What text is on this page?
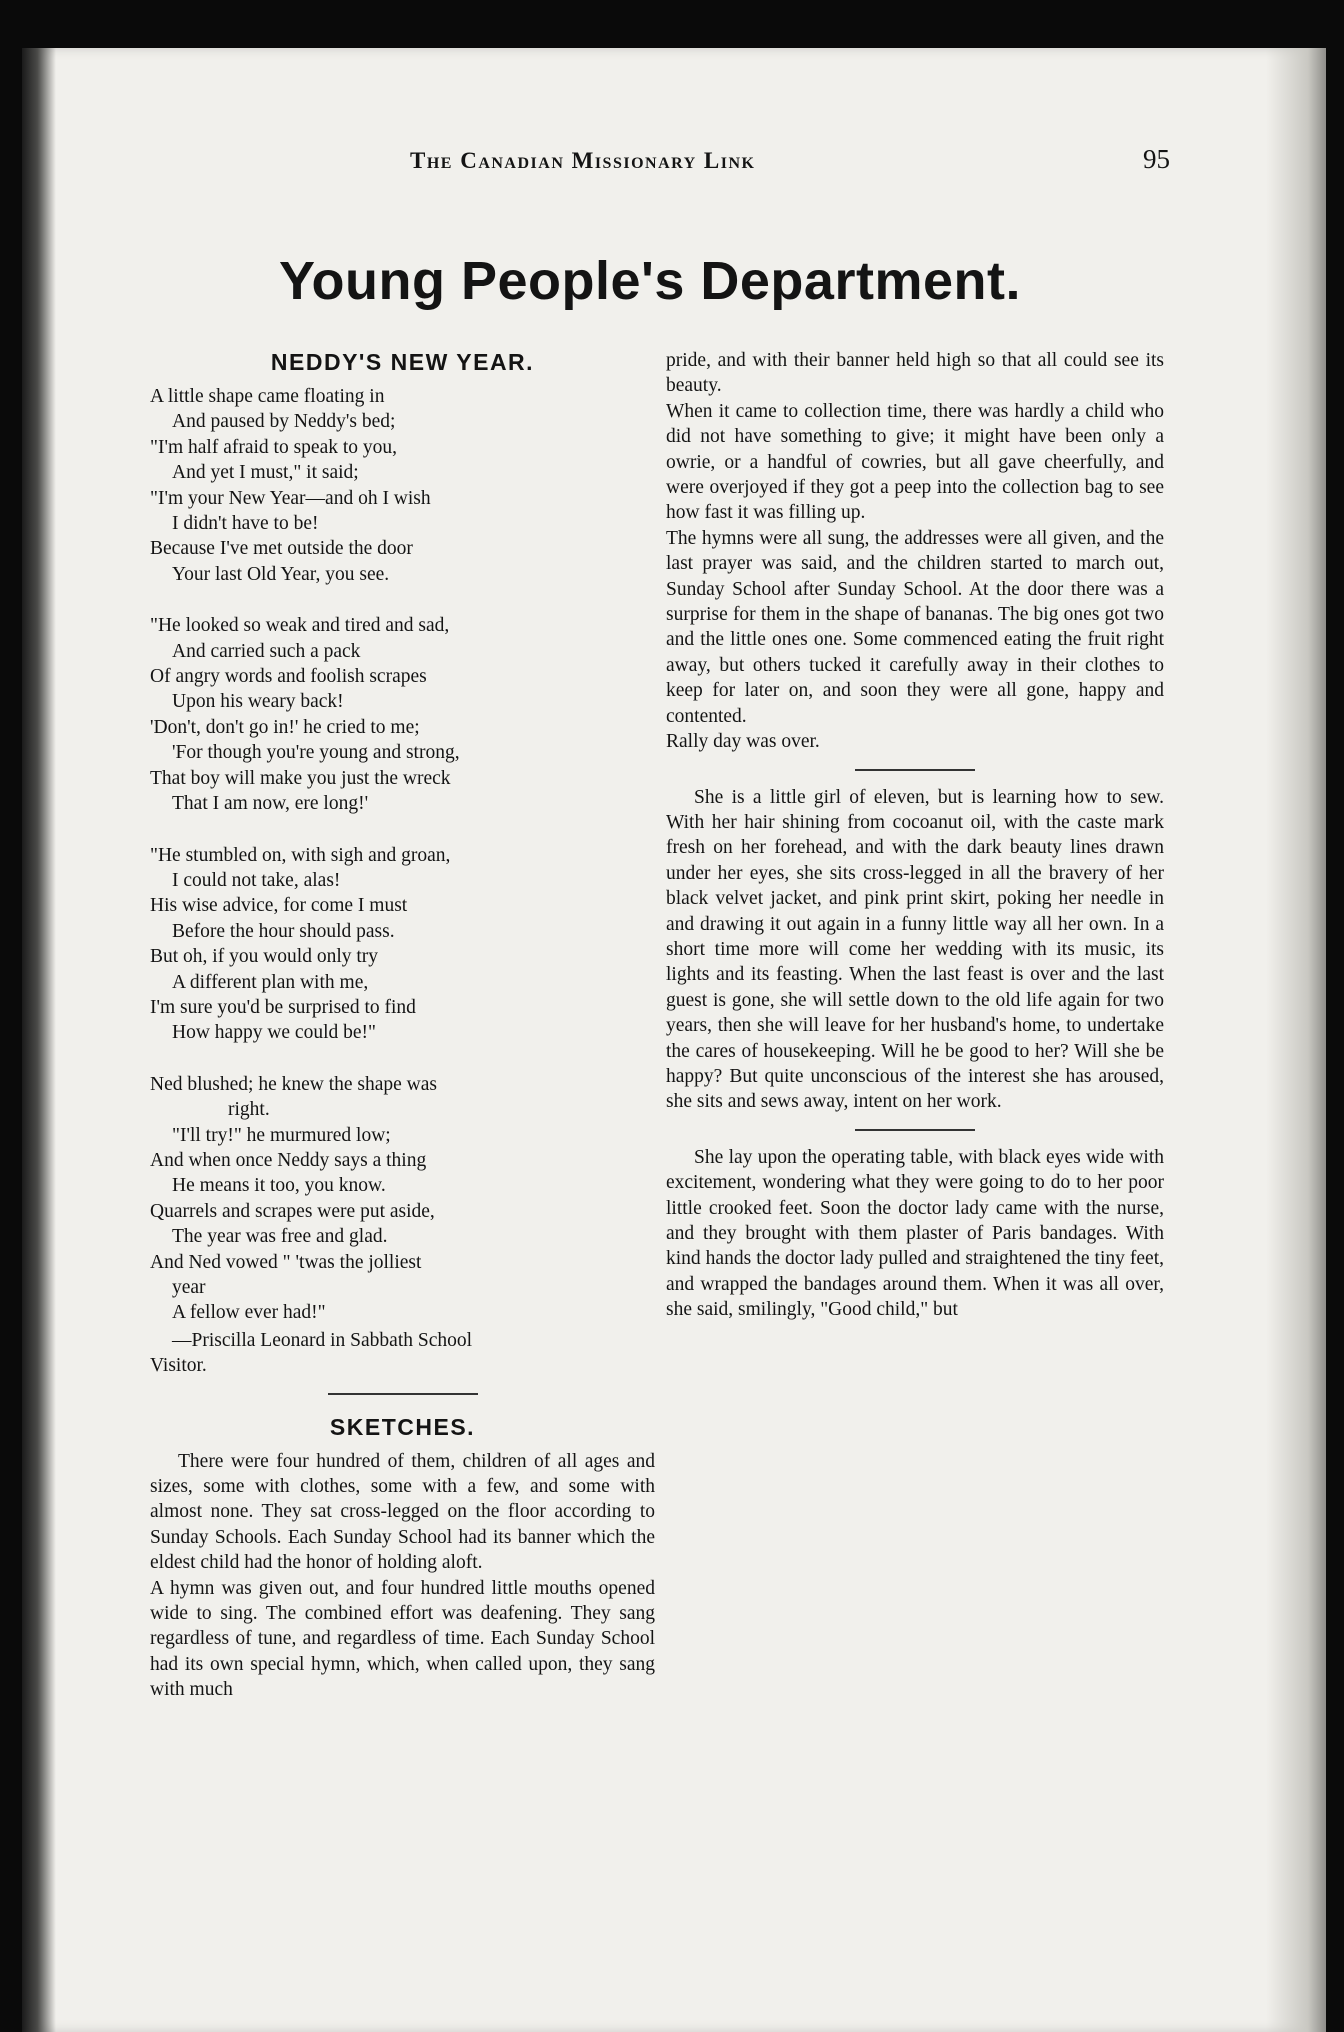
The Canadian Missionary Link	95
Young People's Department.
NEDDY'S NEW YEAR.
A little shape came floating in
And paused by Neddy's bed;
"I'm half afraid to speak to you,
And yet I must," it said;
"I'm your New Year—and oh I wish
I didn't have to be!
Because I've met outside the door
Your last Old Year, you see.
"He looked so weak and tired and sad,
And carried such a pack
Of angry words and foolish scrapes
Upon his weary back!
'Don't, don't go in!' he cried to me;
'For though you're young and strong,
That boy will make you just the wreck
That I am now, ere long!'
"He stumbled on, with sigh and groan,
I could not take, alas!
His wise advice, for come I must
Before the hour should pass.
But oh, if you would only try
A different plan with me,
I'm sure you'd be surprised to find
How happy we could be!"
Ned blushed; he knew the shape was
right.
"I'll try!" he murmured low;
And when once Neddy says a thing
He means it too, you know.
Quarrels and scrapes were put aside,
The year was free and glad.
And Ned vowed " 'twas the jolliest
year
A fellow ever had!"
—Priscilla Leonard in Sabbath School
Visitor.
SKETCHES.

There were four hundred of them, children of all ages and sizes, some with clothes, some with a few, and some with almost none. They sat cross-legged on the floor according to Sunday Schools. Each Sunday School had its banner which the eldest child had the honor of holding aloft.

A hymn was given out, and four hundred little mouths opened wide to sing. The combined effort was deafening. They sang regardless of tune, and regardless of time. Each Sunday School had its own special hymn, which, when called upon, they sang with much

pride, and with their banner held high so that all could see its beauty.

When it came to collection time, there was hardly a child who did not have something to give; it might have been only a owrie, or a handful of cowries, but all gave cheerfully, and were overjoyed if they got a peep into the collection bag to see how fast it was filling up.

The hymns were all sung, the addresses were all given, and the last prayer was said, and the children started to march out, Sunday School after Sunday School. At the door there was a surprise for them in the shape of bananas. The big ones got two and the little ones one. Some commenced eating the fruit right away, but others tucked it carefully away in their clothes to keep for later on, and soon they were all gone, happy and contented.

Rally day was over.

She is a little girl of eleven, but is learning how to sew. With her hair shining from cocoanut oil, with the caste mark fresh on her forehead, and with the dark beauty lines drawn under her eyes, she sits cross-legged in all the bravery of her black velvet jacket, and pink print skirt, poking her needle in and drawing it out again in a funny little way all her own. In a short time more will come her wedding with its music, its lights and its feasting. When the last feast is over and the last guest is gone, she will settle down to the old life again for two years, then she will leave for her husband's home, to undertake the cares of housekeeping. Will he be good to her? Will she be happy? But quite unconscious of the interest she has aroused, she sits and sews away, intent on her work.

She lay upon the operating table, with black eyes wide with excitement, wondering what they were going to do to her poor little crooked feet. Soon the doctor lady came with the nurse, and they brought with them plaster of Paris bandages. With kind hands the doctor lady pulled and straightened the tiny feet, and wrapped the bandages around them. When it was all over, she said, smilingly, "Good child," but
